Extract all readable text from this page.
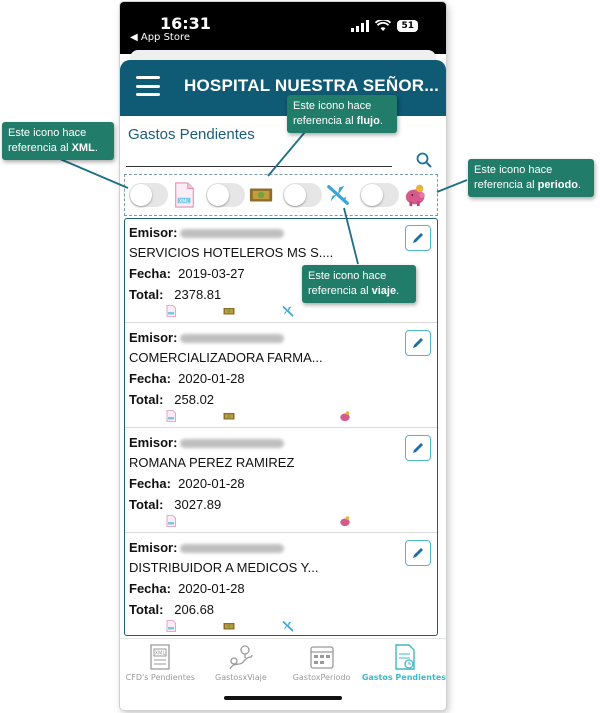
16:31
◀ App Store
51
HOSPITAL NUESTRA SEÑOR...
Gastos Pendientes
XML
Emisor:
SERVICIOS HOTELEROS MS S....
Fecha: 2019-03-27
Total: 2378.81
Emisor:
COMERCIALIZADORA FARMA...
Fecha: 2020-01-28
Total: 258.02
Emisor:
ROMANA PEREZ RAMIREZ
Fecha: 2020-01-28
Total: 3027.89
Emisor:
DISTRIBUIDOR A MEDICOS Y...
Fecha: 2020-01-28
Total: 206.68
XML
CFD's Pendientes	GastosxViaje	GastoxPeriodo Gastos Pendientes
Este icono hace referencia al XML.
Este icono hace referencia al flujo.
Este icono hace referencia al periodo.
Este icono hace referencia al viaje.
